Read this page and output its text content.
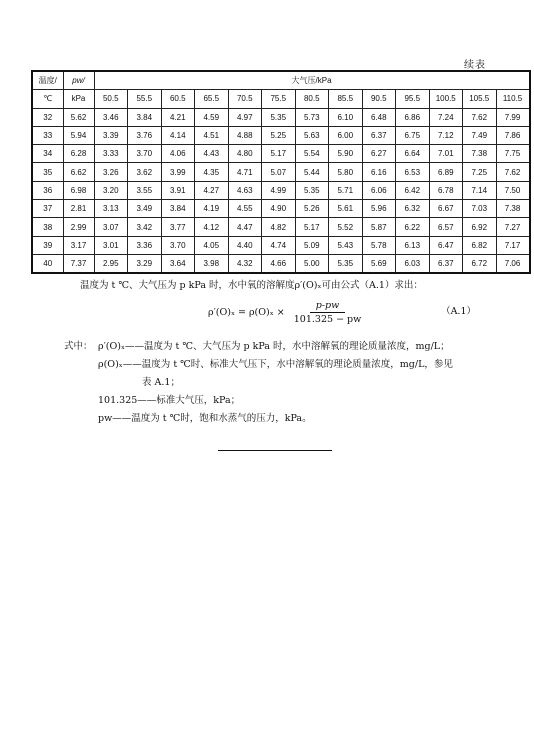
续表
温度/	pw/	大气压/kPa												
℃	kPa	50.5	55.5	60.5	65.5	70.5	75.5	80.5	85.5	90.5	95.5	100.5	105.5	110.5
32	5.62	3.46	3.84	4.21	4.59	4.97	5.35	5.73	6.10	6.48	6.86	7.24	7.62	7.99
33	5.94	3.39	3.76	4.14	4.51	4.88	5.25	5.63	6.00	6.37	6.75	7.12	7.49	7.86
34	6.28	3.33	3.70	4.06	4.43	4.80	5.17	5.54	5.90	6.27	6.64	7.01	7.38	7.75
35	6.62	3.26	3.62	3.99	4.35	4.71	5.07	5.44	5.80	6.16	6.53	6.89	7.25	7.62
36	6.98	3.20	3.55	3.91	4.27	4.63	4.99	5.35	5.71	6.06	6.42	6.78	7.14	7.50
37	2.81	3.13	3.49	3.84	4.19	4.55	4.90	5.26	5.61	5.96	6.32	6.67	7.03	7.38
38	2.99	3.07	3.42	3.77	4.12	4.47	4.82	5.17	5.52	5.87	6.22	6.57	6.92	7.27
39	3.17	3.01	3.36	3.70	4.05	4.40	4.74	5.09	5.43	5.78	6.13	6.47	6.82	7.17
40	7.37	2.95	3.29	3.64	3.98	4.32	4.66	5.00	5.35	5.69	6.03	6.37	6.72	7.06
温度为 t ℃、大气压为 p kPa 时，水中氧的溶解度ρ′(O)ₓ可由公式（A.1）求出：
$\rho'(O)_x = \rho(O)_x \times \frac{p-pw}{101.325 - pw}$	（A.1）
式中： ρ′(O)ₓ——温度为 t ℃、大气压为 p kPa 时，水中溶解氧的理论质量浓度，mg/L；
ρ(O)ₓ——温度为 t ℃时、标准大气压下，水中溶解氧的理论质量浓度，mg/L，参见
表 A.1；
101.325——标准大气压，kPa；
pw——温度为 t ℃时，饱和水蒸气的压力，kPa。
